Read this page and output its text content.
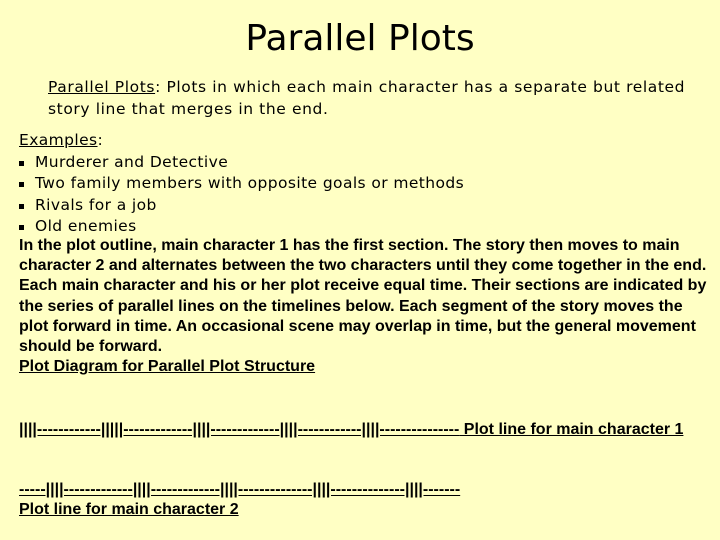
Parallel Plots
Parallel Plots: Plots in which each main character has a separate but related story line that merges in the end.
Examples:
Murderer and Detective
Two family members with opposite goals or methods
Rivals for a job
Old enemies

In the plot outline, main character 1 has the first section. The story then moves to main character 2 and alternates between the two characters until they come together in the end. Each main character and his or her plot receive equal time. Their sections are indicated by the series of parallel lines on the timelines below. Each segment of the story moves the plot forward in time. An occasional scene may overlap in time, but the general movement should be forward.

Plot Diagram for Parallel Plot Structure

||||------------|||||-------------||||-------------||||------------||||--------------- Plot line for main character 1

-----||||-------------||||-------------||||--------------||||--------------||||-------
Plot line for main character 2
